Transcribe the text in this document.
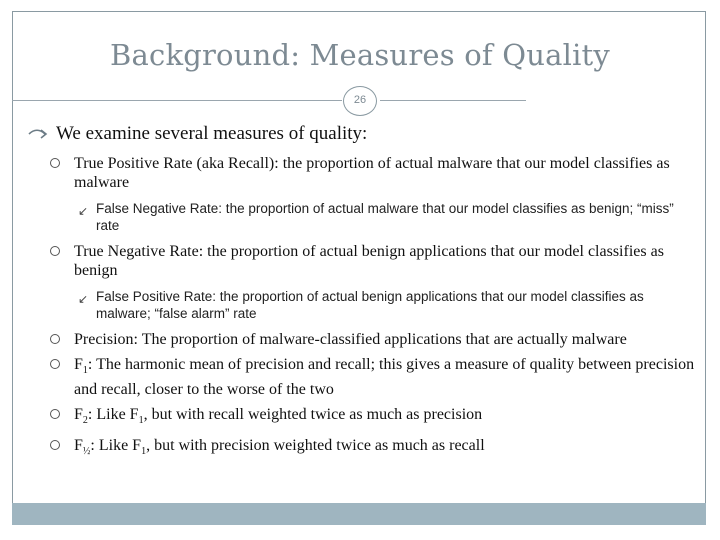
Background: Measures of Quality
26
We examine several measures of quality:
True Positive Rate (aka Recall): the proportion of actual malware that our model classifies as malware
↙ False Negative Rate: the proportion of actual malware that our model classifies as benign; “miss” rate
True Negative Rate: the proportion of actual benign applications that our model classifies as benign
↙ False Positive Rate: the proportion of actual benign applications that our model classifies as malware; “false alarm” rate
Precision: The proportion of malware-classified applications that are actually malware
$F_1$: The harmonic mean of precision and recall; this gives a measure of quality between precision and recall, closer to the worse of the two
$F_2$: Like $F_1$, but with recall weighted twice as much as precision
$F_{\frac{1}{2}}$: Like $F_1$, but with precision weighted twice as much as recall
